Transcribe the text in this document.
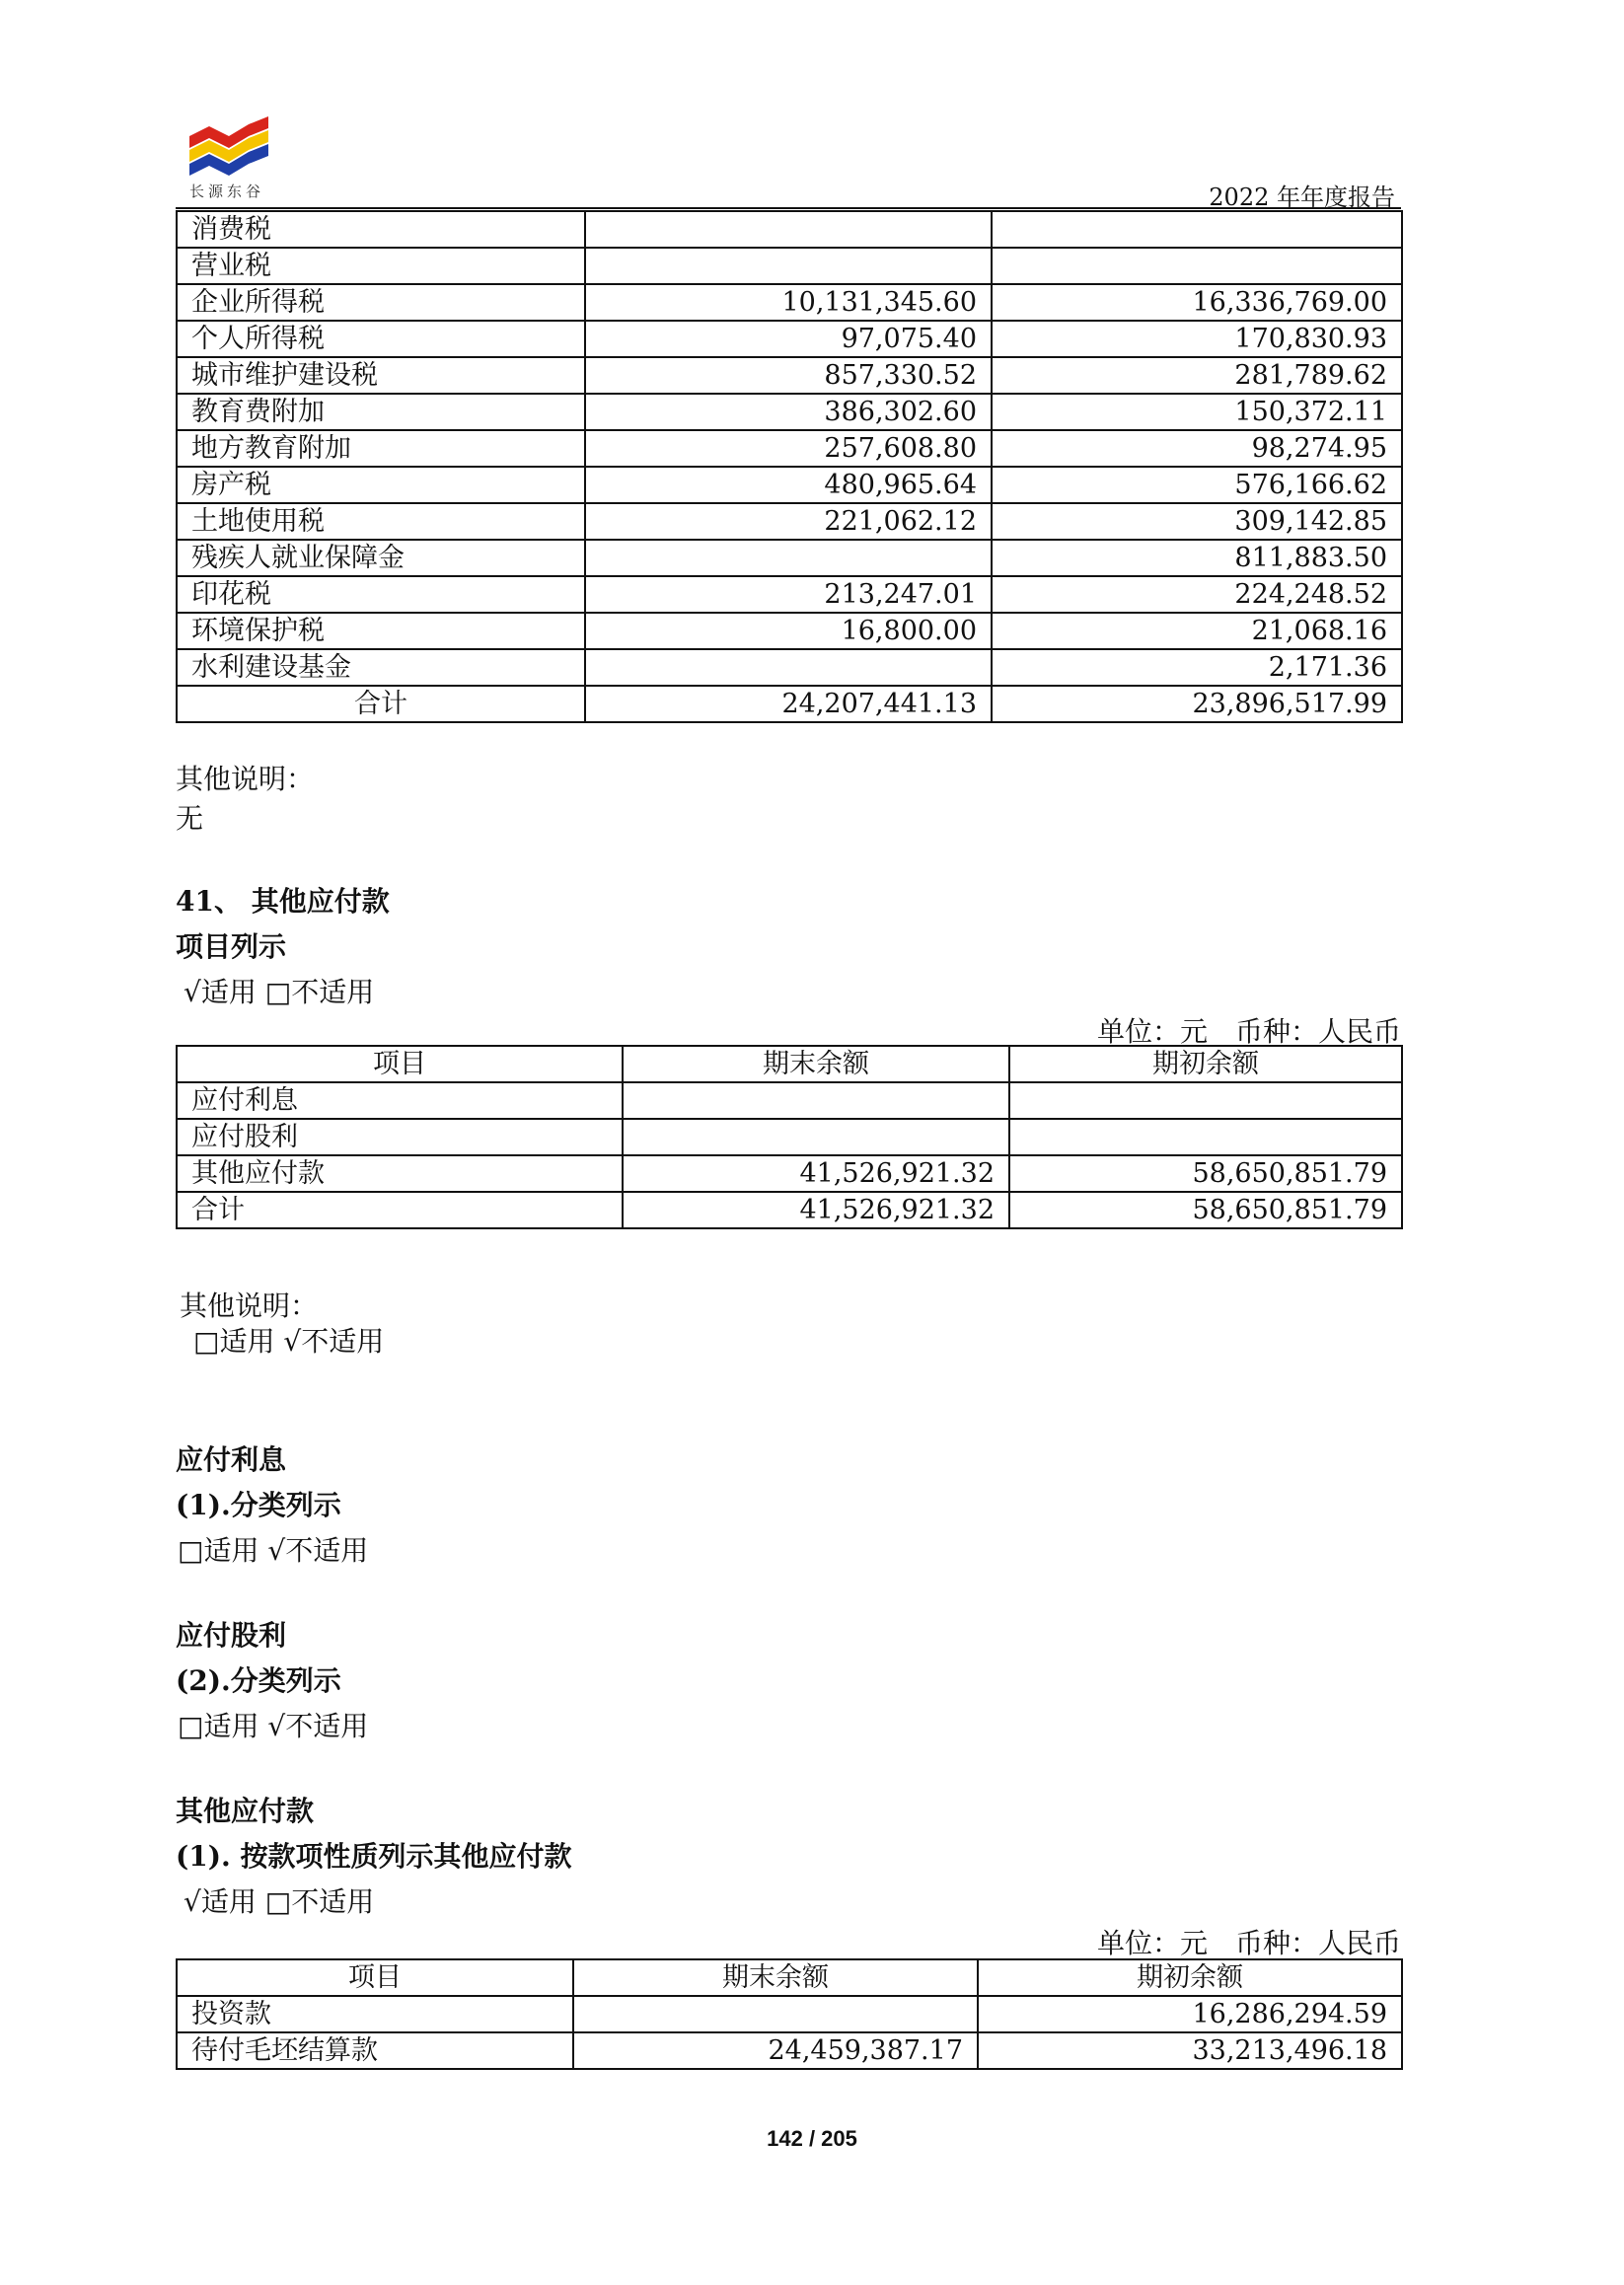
长源东谷	2022 年年度报告
消费税		
营业税		
企业所得税	10,131,345.60	16,336,769.00
个人所得税	97,075.40	170,830.93
城市维护建设税	857,330.52	281,789.62
教育费附加	386,302.60	150,372.11
地方教育附加	257,608.80	98,274.95
房产税	480,965.64	576,166.62
土地使用税	221,062.12	309,142.85
残疾人就业保障金		811,883.50
印花税	213,247.01	224,248.52
环境保护税	16,800.00	21,068.16
水利建设基金		2,171.36
合计	24,207,441.13	23,896,517.99
其他说明：
无
41、 其他应付款
项目列示
√适用 □不适用
单位：元　币种：人民币
项目	期末余额	期初余额
应付利息		
应付股利		
其他应付款	41,526,921.32	58,650,851.79
合计	41,526,921.32	58,650,851.79
其他说明：
□适用 √不适用
应付利息
(1).分类列示
□适用 √不适用
应付股利
(2).分类列示
□适用 √不适用
其他应付款
(1). 按款项性质列示其他应付款
√适用 □不适用
单位：元　币种：人民币
项目	期末余额	期初余额
投资款		16,286,294.59
待付毛坯结算款	24,459,387.17	33,213,496.18
142 / 205
